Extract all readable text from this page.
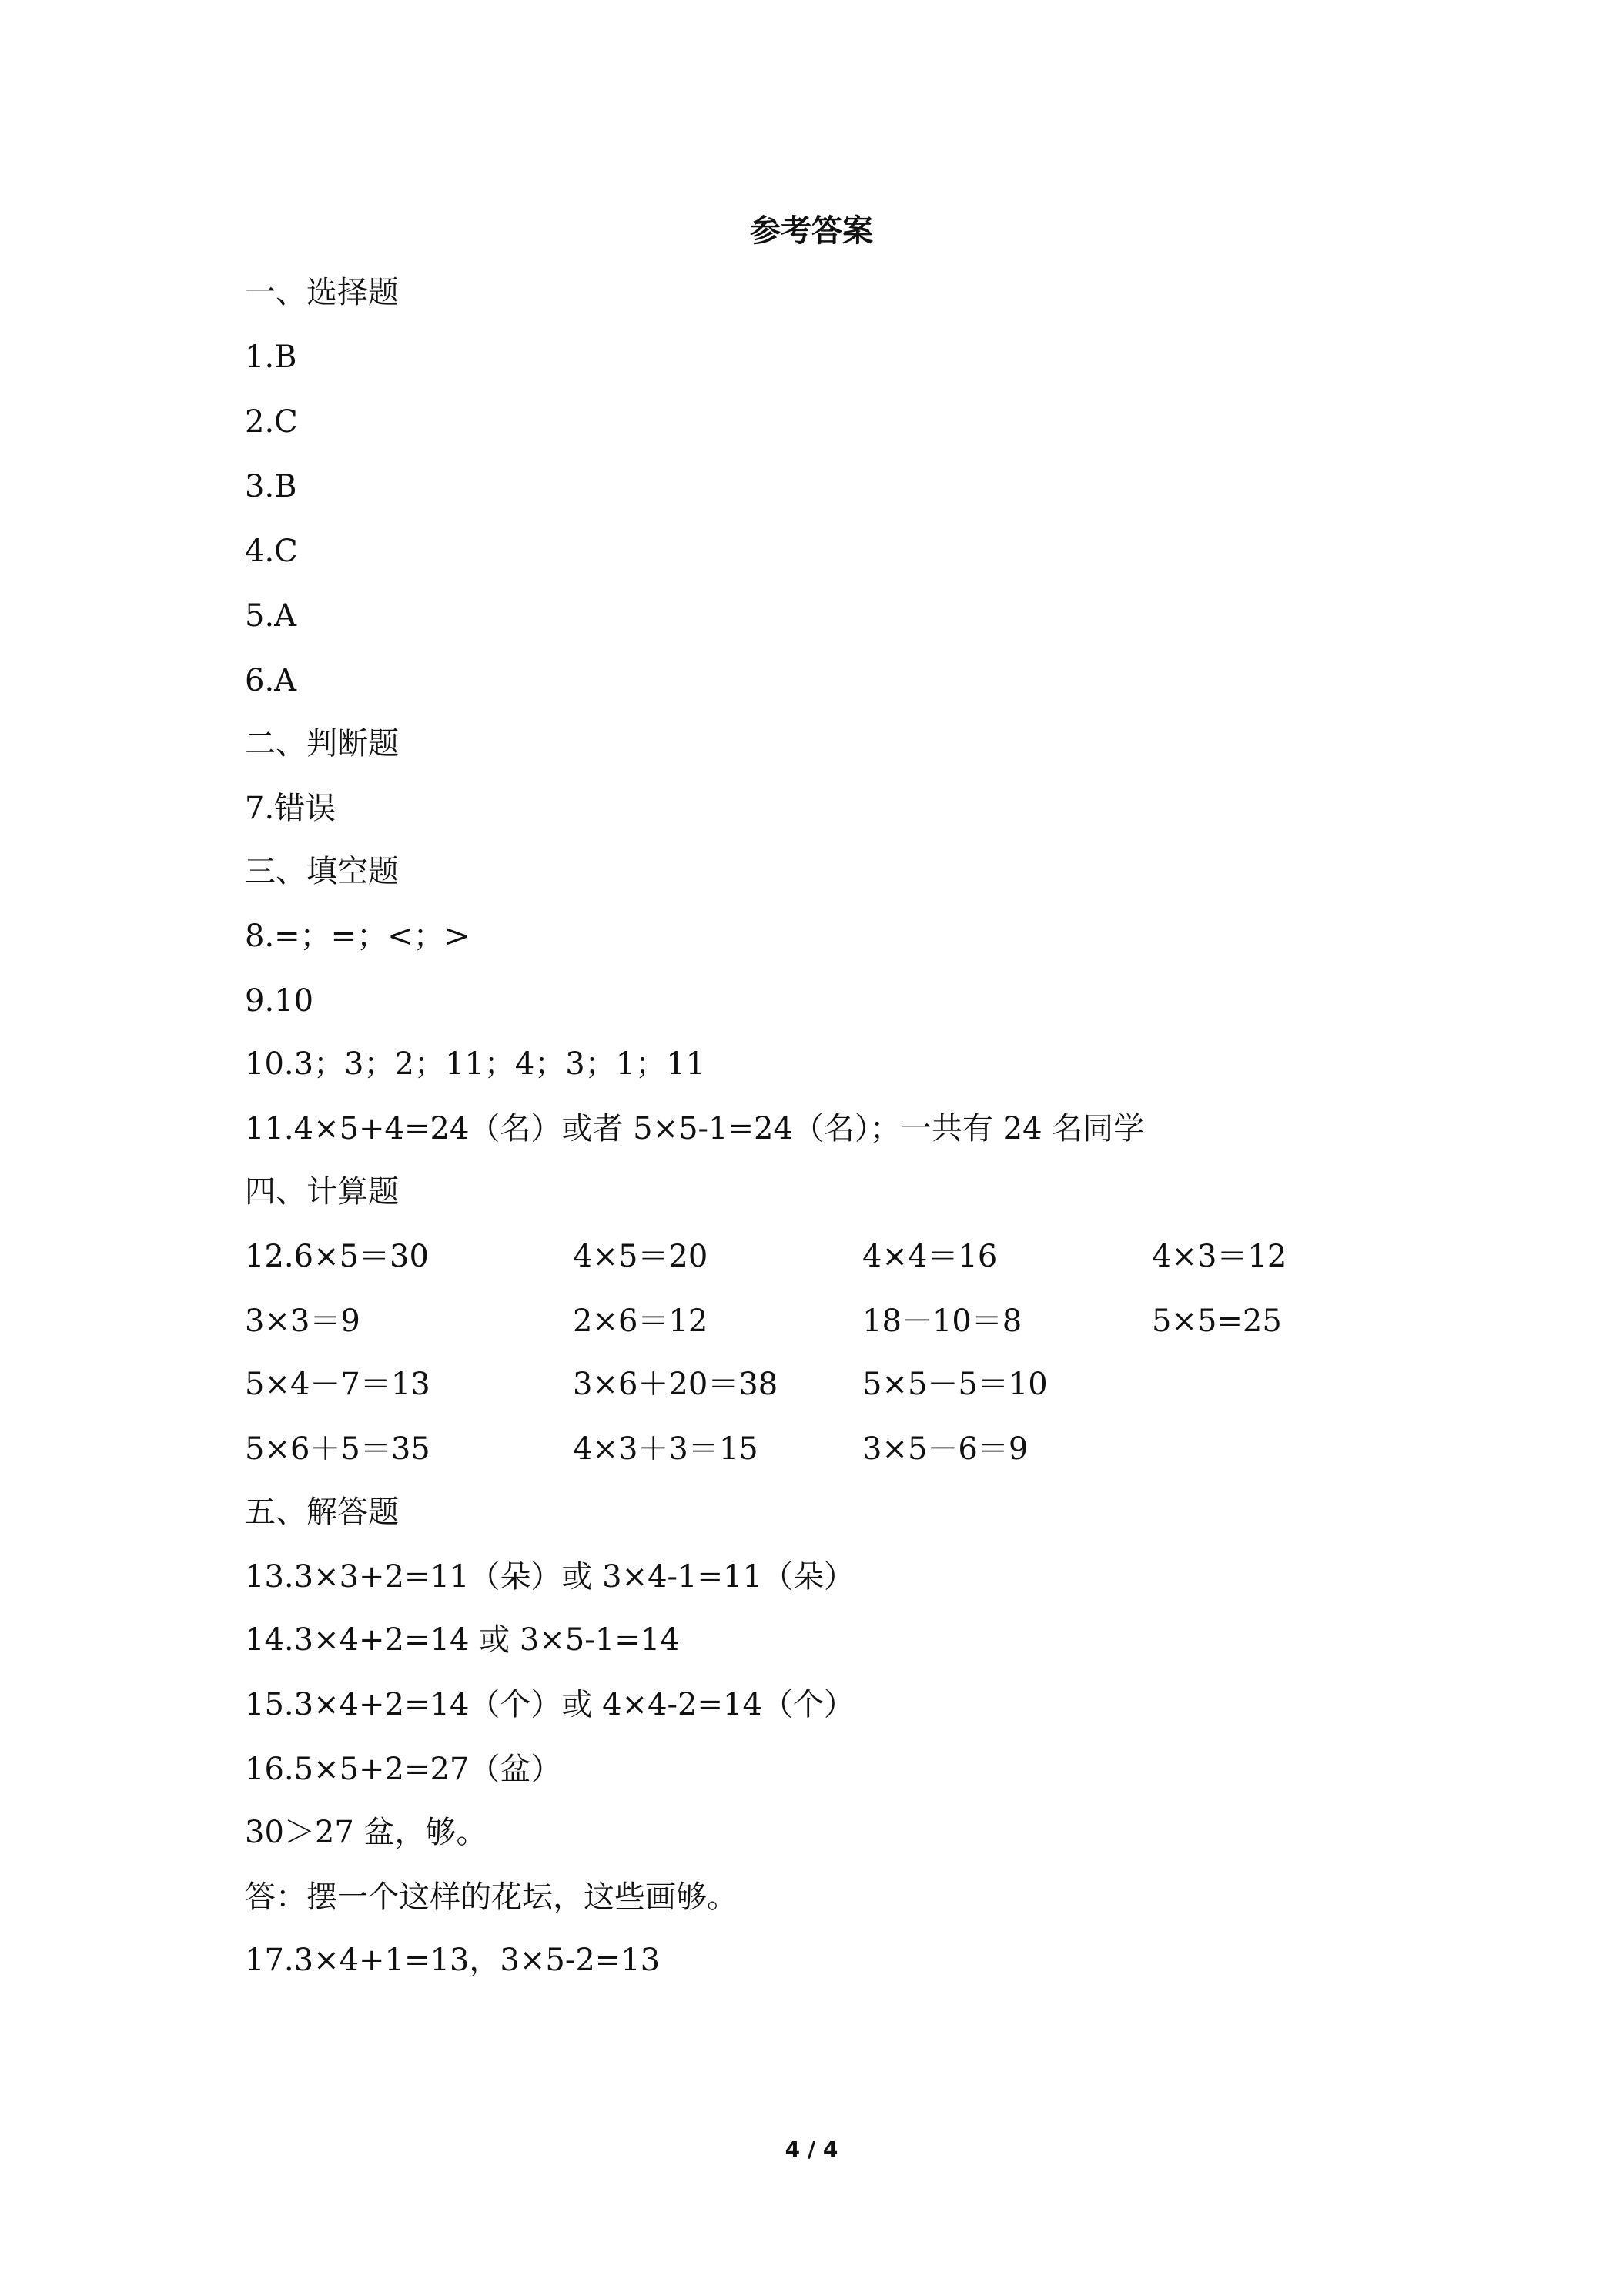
参考答案
一、选择题
1.B
2.C
3.B
4.C
5.A
6.A
二、判断题
7.错误
三、填空题
8.=；=；<；>
9.10
10.3；3；2；11；4；3；1；11
11.4×5+4=24（名）或者 5×5-1=24（名）；一共有 24 名同学
四、计算题
12.6×5＝30	4×5＝20	4×4＝16	4×3＝12
3×3＝9	2×6＝12	18－10＝8	5×5=25
5×4－7＝13	3×6＋20＝38	5×5－5＝10
5×6＋5＝35	4×3＋3＝15	3×5－6＝9
五、解答题
13.3×3+2=11（朵）或 3×4-1=11（朵）
14.3×4+2=14 或 3×5-1=14
15.3×4+2=14（个）或 4×4-2=14（个）
16.5×5+2=27（盆）
30＞27 盆，够。
答：摆一个这样的花坛，这些画够。
17.3×4+1=13，3×5-2=13
4 / 4
